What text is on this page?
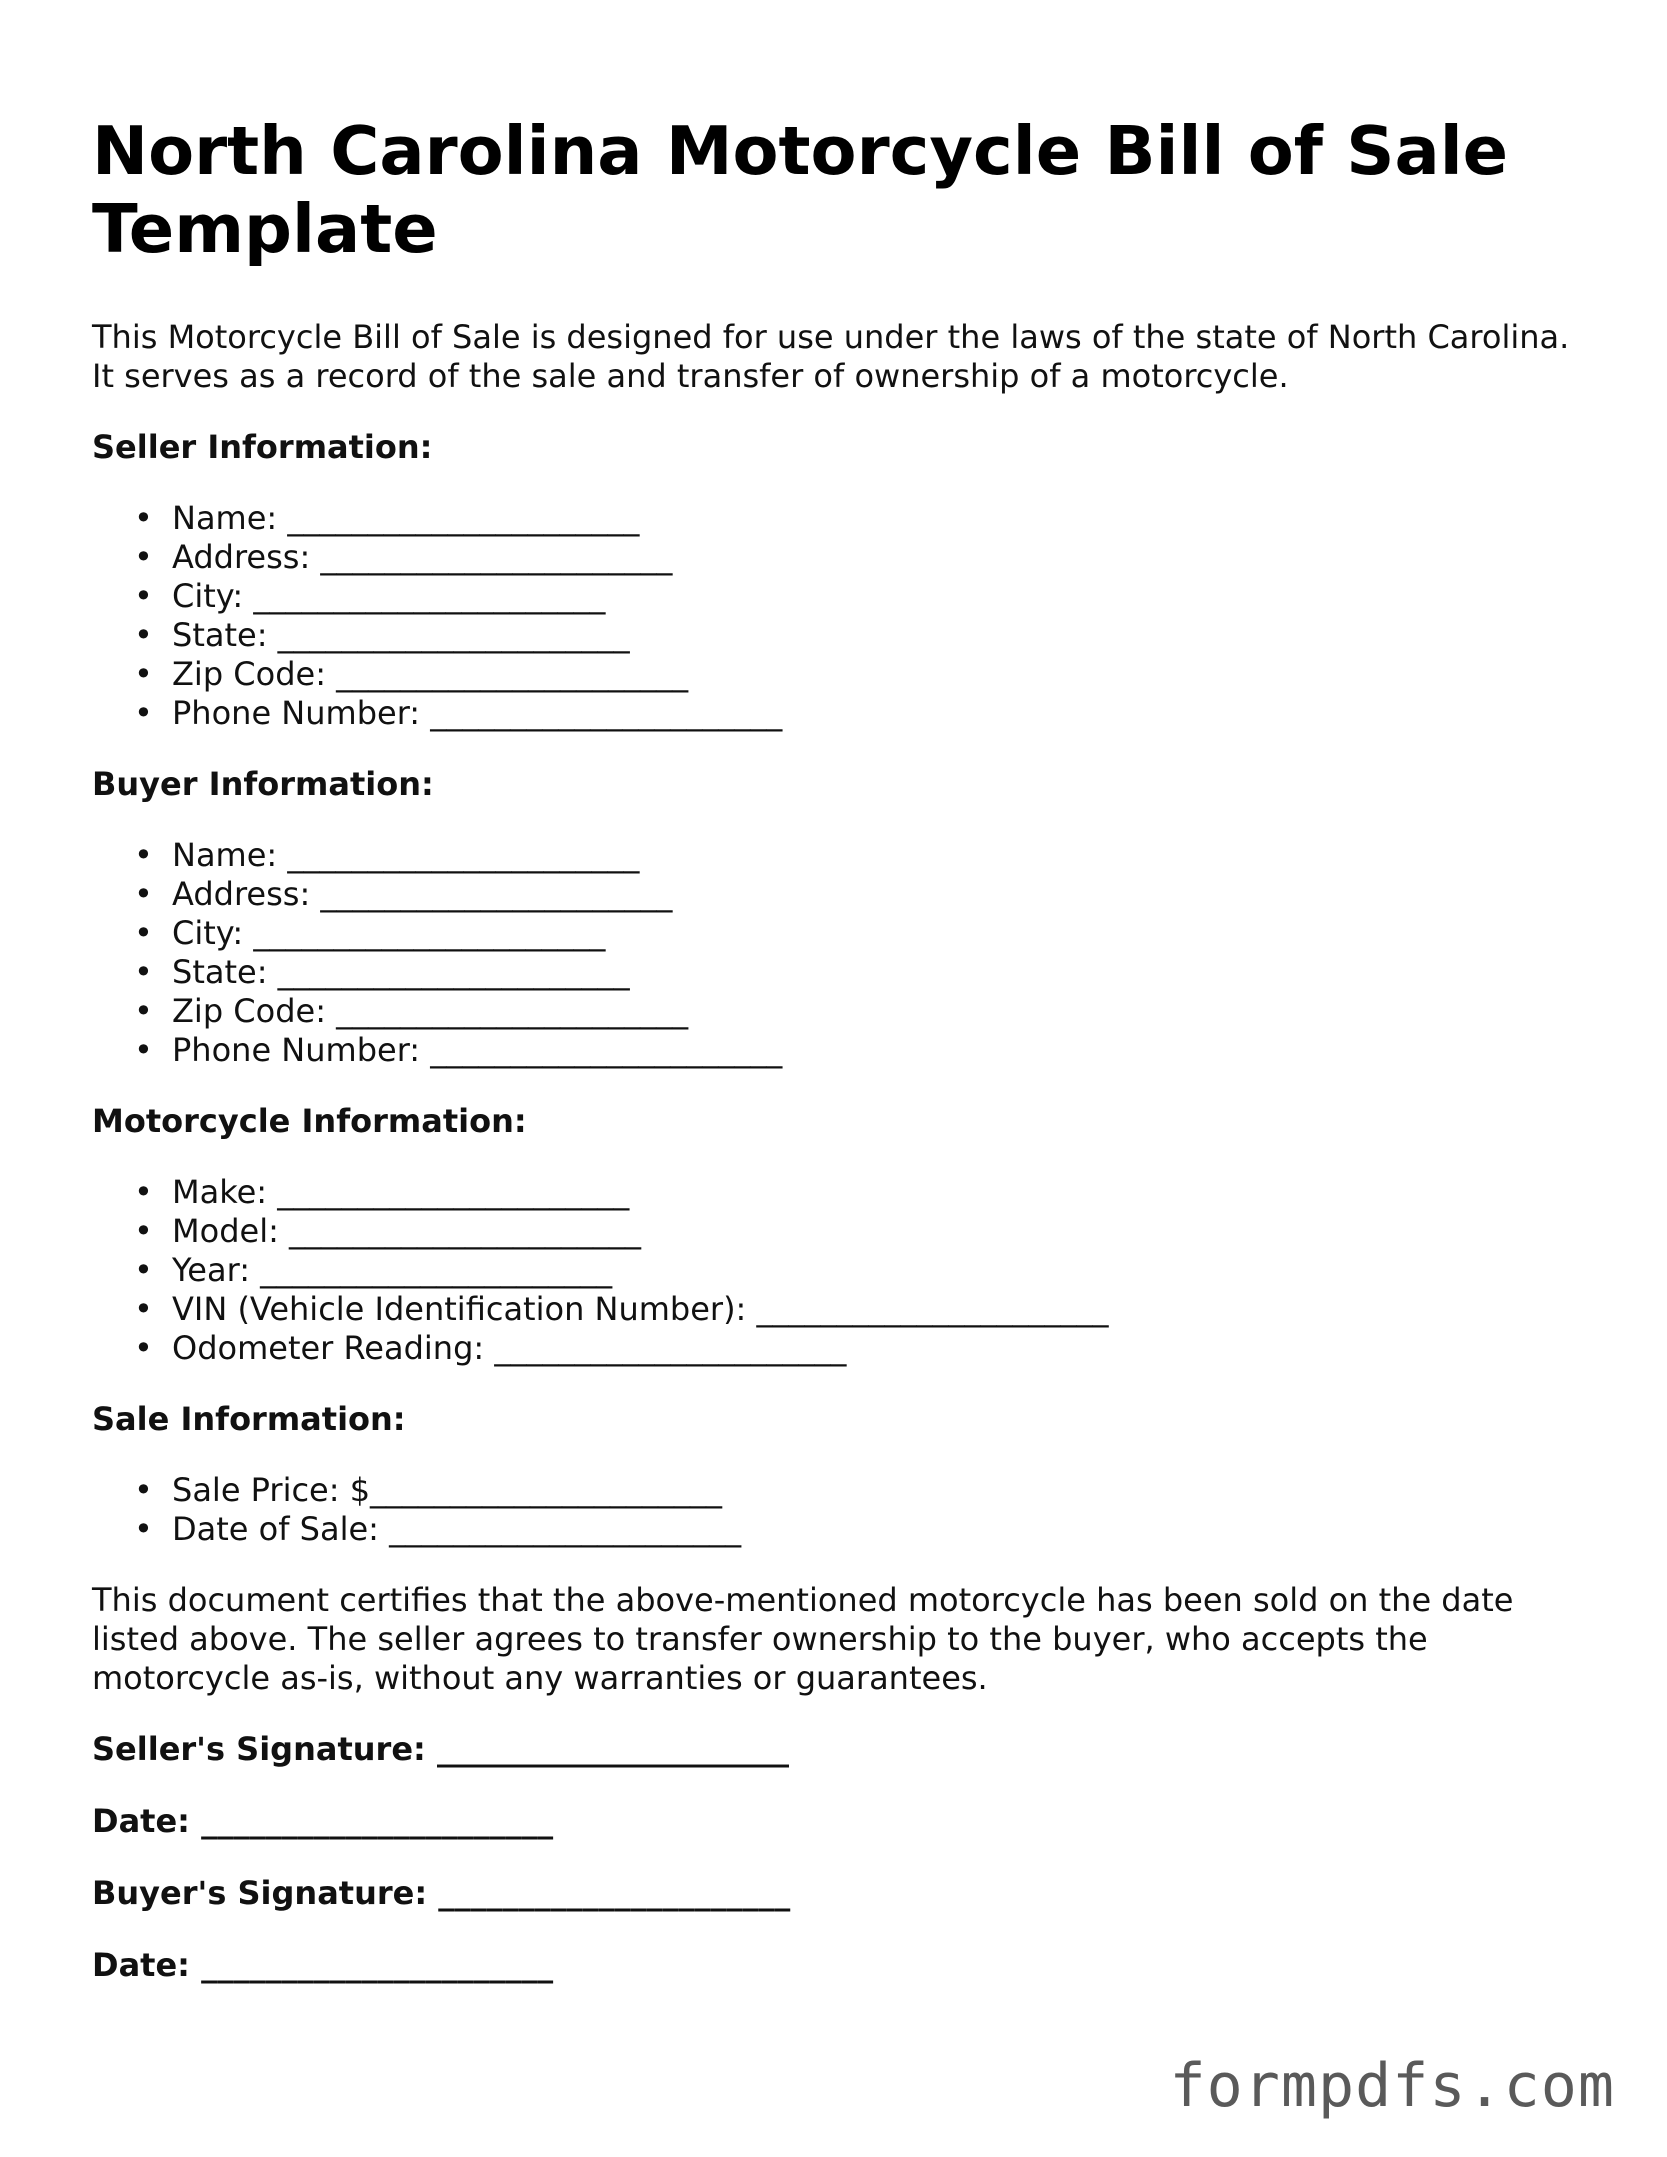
North Carolina Motorcycle Bill of Sale Template

This Motorcycle Bill of Sale is designed for use under the laws of the state of North Carolina. It serves as a record of the sale and transfer of ownership of a motorcycle.

Seller Information:
• Name: ______________________
• Address: ______________________
• City: ______________________
• State: ______________________
• Zip Code: ______________________
• Phone Number: ______________________
Buyer Information:
• Name: ______________________
• Address: ______________________
• City: ______________________
• State: ______________________
• Zip Code: ______________________
• Phone Number: ______________________
Motorcycle Information:
• Make: ______________________
• Model: ______________________
• Year: ______________________
• VIN (Vehicle Identification Number): ______________________
• Odometer Reading: ______________________
Sale Information:
• Sale Price: $______________________
• Date of Sale: ______________________

This document certifies that the above-mentioned motorcycle has been sold on the date listed above. The seller agrees to transfer ownership to the buyer, who accepts the motorcycle as-is, without any warranties or guarantees.

Seller's Signature: ______________________
Date: ______________________
Buyer's Signature: ______________________
Date: ______________________
formpdfs.com
